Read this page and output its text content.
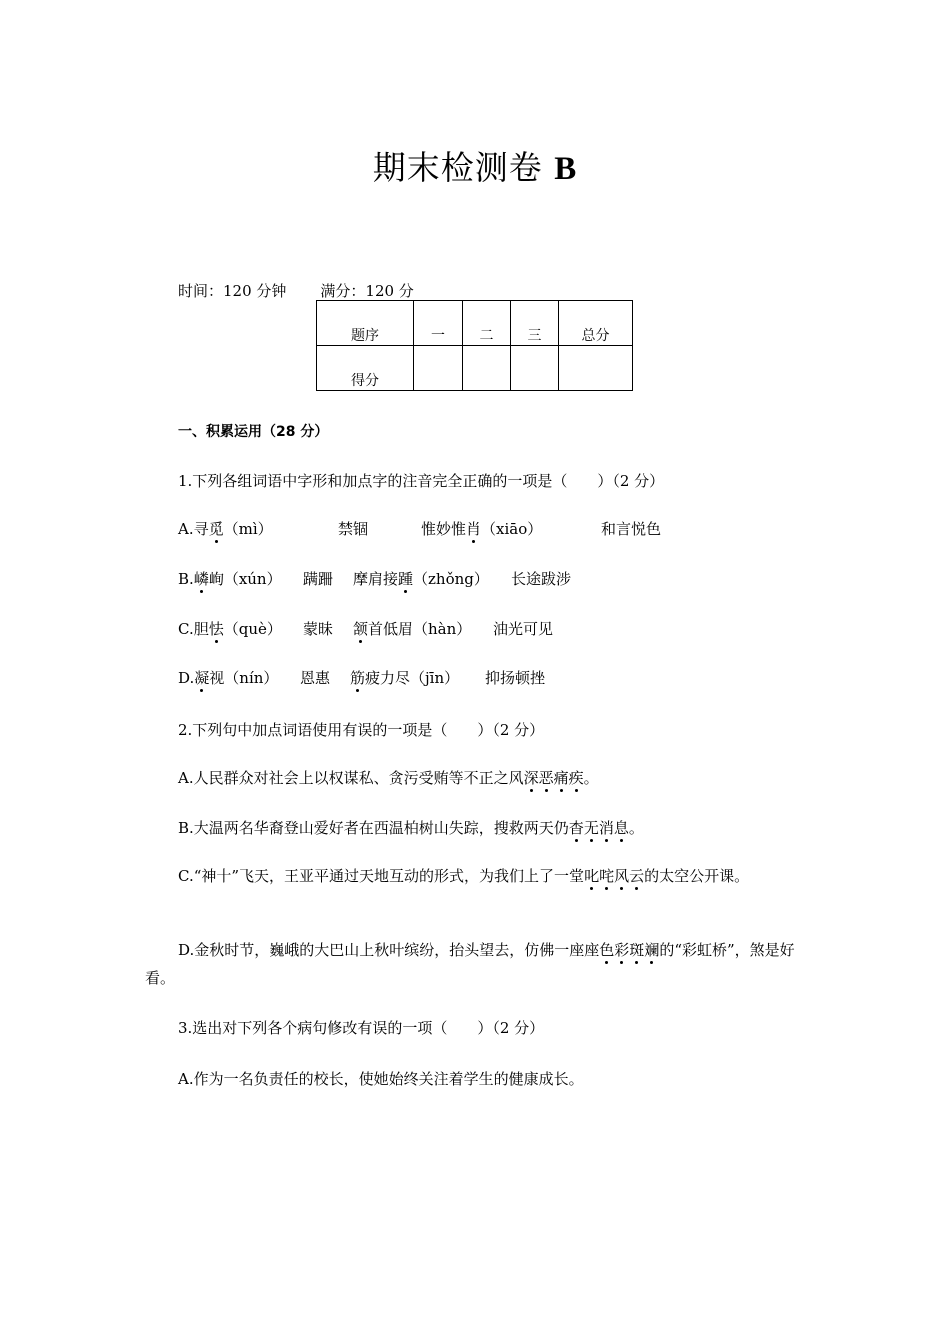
期末检测卷 B
时间：120 分钟 满分：120 分
题序	一	二	三	总分
得分				
一、积累运用（28 分）
1.下列各组词语中字形和加点字的注音完全正确的一项是（　　）（2 分）
A.寻觅（mì）	禁锢	惟妙惟肖（xiāo）	和言悦色
B.嶙峋（xún） 蹒跚 摩肩接踵（zhǒng） 长途跋涉
C.胆怯（què） 蒙昧 颔首低眉（hàn） 油光可见
D.凝视（nín） 恩惠 筋疲力尽（jīn） 抑扬顿挫
2.下列句中加点词语使用有误的一项是（　　）（2 分）
A.人民群众对社会上以权谋私、贪污受贿等不正之风深恶痛疾。
B.大温两名华裔登山爱好者在西温柏树山失踪，搜救两天仍杳无消息。
C.“神十”飞天，王亚平通过天地互动的形式，为我们上了一堂叱咤风云的太空公开课。
D.金秋时节，巍峨的大巴山上秋叶缤纷，抬头望去，仿佛一座座色彩斑斓的“彩虹桥”，煞是好看。
3.选出对下列各个病句修改有误的一项（　　）（2 分）
A.作为一名负责任的校长，使她始终关注着学生的健康成长。
